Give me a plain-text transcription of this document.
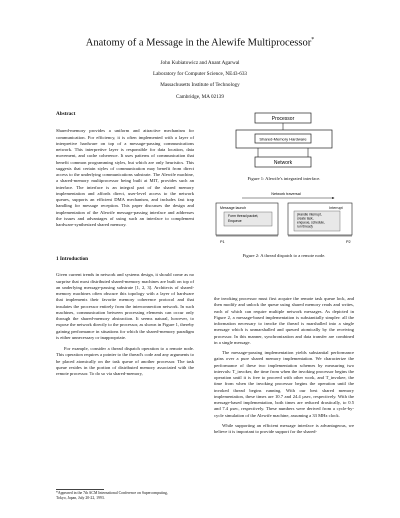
Anatomy of a Message in the Alewife Multiprocessor*
John Kubiatowicz and Anant Agarwal
Laboratory for Computer Science, NE43-633
Massachusetts Institute of Technology
Cambridge, MA 02139

Abstract

Shared-memory provides a uniform and attractive mechanism for communication. For efficiency, it is often implemented with a layer of interpretive hardware on top of a message-passing communications network. This interpretive layer is responsible for data location, data movement, and cache coherence. It uses patterns of communication that benefit common programming styles, but which are only heuristics. This suggests that certain styles of communication may benefit from direct access to the underlying communications substrate. The Alewife machine, a shared-memory multiprocessor being built at MIT, provides such an interface. The interface is an integral part of the shared memory implementation and affords direct, user-level access to the network queues, supports an efficient DMA mechanism, and includes fast trap handling for message reception. This paper discusses the design and implementation of the Alewife message-passing interface and addresses the issues and advantages of using such an interface to complement hardware-synthesized shared memory.

1 Introduction

Given current trends in network and systems design, it should come as no surprise that most distributed shared-memory machines are built on top of an underlying message-passing substrate [1, 2, 3]. Architects of shared-memory machines often obscure this topology with a layer of hardware that implements their favorite memory coherence protocol and that insulates the processor entirely from the interconnection network. In such machines, communication between processing elements can occur only through the shared-memory abstraction. It seems natural, however, to expose the network directly to the processor, as shown in Figure 1, thereby gaining performance in situations for which the shared-memory paradigm is either unnecessary or inappropriate.

For example, consider a thread dispatch operation to a remote node. This operation requires a pointer to the thread's code and any arguments to be placed atomically on the task queue of another processor. The task queue resides in the portion of distributed memory associated with the remote processor. To do so via shared-memory,

*Appeared in the 7th ACM International Conference on Supercomputing,
Tokyo, Japan, July 20-22, 1993.
Processor
Shared-Memory Hardware
Network
Figure 1: Alewife's integrated interface.
Network traversal
Message launch
Form thread packet,
Enqueue
Interrupt
(Handle interrupt,
create task,
enqueue, schedule,
run thread)
P1	P2
Figure 2: A thread dispatch to a remote node.

the invoking processor must first acquire the remote task queue lock, and then modify and unlock the queue using shared memory reads and writes, each of which can require multiple network messages. As depicted in Figure 2, a message-based implementation is substantially simpler: all the information necessary to invoke the thread is marshalled into a single message which is unmarshalled and queued atomically by the receiving processor. In this manner, synchronization and data transfer are combined in a single message.

The message-passing implementation yields substantial performance gains over a pure shared memory implementation. We characterize the performance of these two implementation schemes by measuring two intervals: T_invoker, the time from when the invoking processor begins the operation until it is free to proceed with other work, and T_invokee, the time from when the invoking processor begins the operation until the invoked thread begins running. With our best shared memory implementation, these times are 10.7 and 24.4 µsec, respectively. With the message-based implementation, both times are reduced drastically, to 0.5 and 7.4 µsec, respectively. These numbers were derived from a cycle-by-cycle simulation of the Alewife machine, assuming a 33 MHz clock.

While supporting an efficient message interface is advantageous, we believe it is important to provide support for the shared-
